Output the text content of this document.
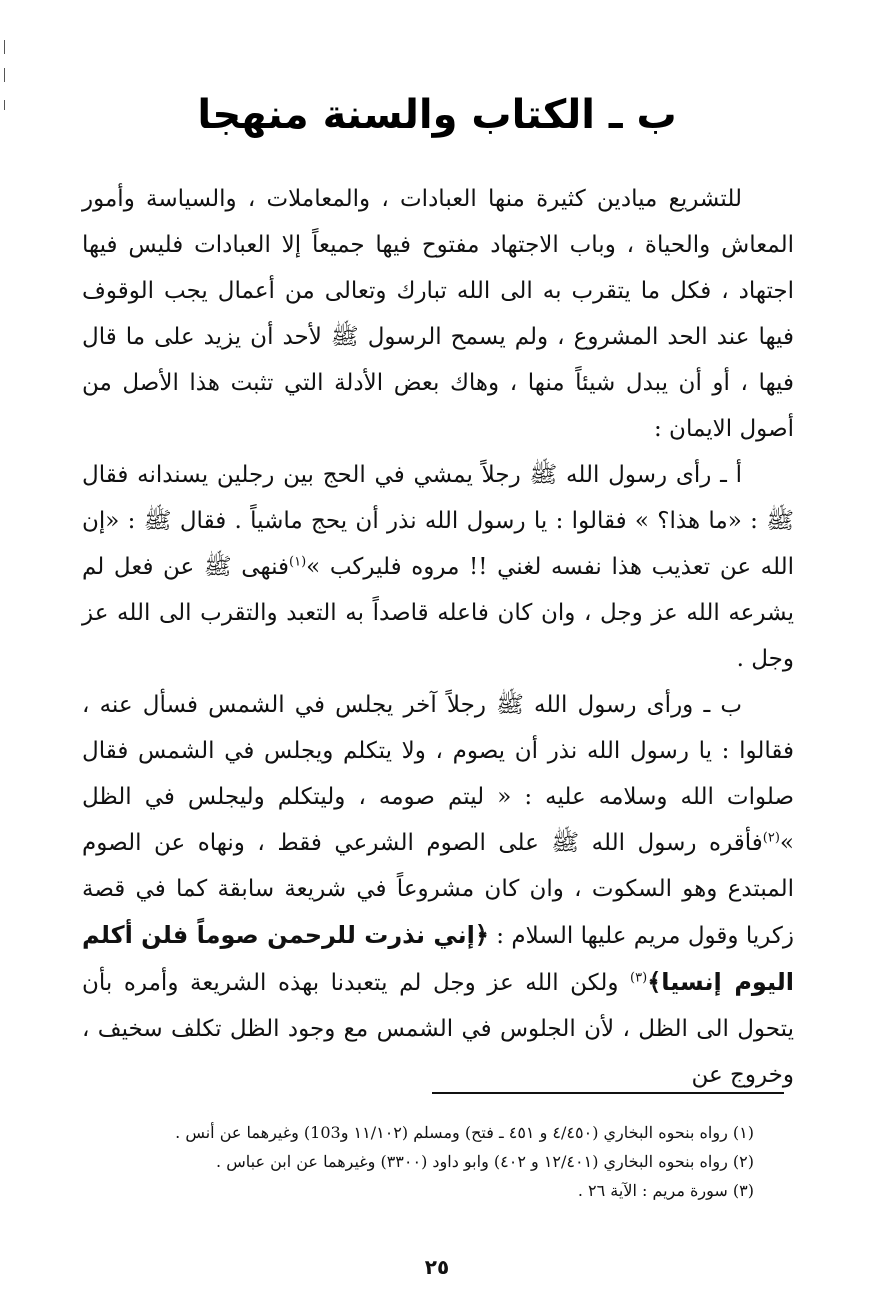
ب ـ الكتاب والسنة منهجا

للتشريع ميادين كثيرة منها العبادات ، والمعاملات ، والسياسة وأمور المعاش والحياة ، وباب الاجتهاد مفتوح فيها جميعاً إلا العبادات فليس فيها اجتهاد ، فكل ما يتقرب به الى الله تبارك وتعالى من أعمال يجب الوقوف فيها عند الحد المشروع ، ولم يسمح الرسول ﷺ لأحد أن يزيد على ما قال فيها ، أو أن يبدل شيئاً منها ، وهاك بعض الأدلة التي تثبت هذا الأصل من أصول الايمان :

أ ـ رأى رسول الله ﷺ رجلاً يمشي في الحج بين رجلين يسندانه فقال ﷺ : «ما هذا؟ » فقالوا : يا رسول الله نذر أن يحج ماشياً . فقال ﷺ : «إن الله عن تعذيب هذا نفسه لغني !! مروه فليركب »$^{(١)}$فنهى ﷺ عن فعل لم يشرعه الله عز وجل ، وان كان فاعله قاصداً به التعبد والتقرب الى الله عز وجل .

ب ـ ورأى رسول الله ﷺ رجلاً آخر يجلس في الشمس فسأل عنه ، فقالوا : يا رسول الله نذر أن يصوم ، ولا يتكلم ويجلس في الشمس فقال صلوات الله وسلامه عليه : « ليتم صومه ، وليتكلم وليجلس في الظل »$^{(٢)}$فأقره رسول الله ﷺ على الصوم الشرعي فقط ، ونهاه عن الصوم المبتدع وهو السكوت ، وان كان مشروعاً في شريعة سابقة كما في قصة زكريا وقول مريم عليها السلام : ﴿إني نذرت للرحمن صوماً فلن أكلم اليوم إنسيا﴾$^{(٣)}$ ولكن الله عز وجل لم يتعبدنا بهذه الشريعة وأمره بأن يتحول الى الظل ، لأن الجلوس في الشمس مع وجود الظل تكلف سخيف ، وخروج عن

(١) رواه بنحوه البخاري (٤/٤٥٠ و ٤٥١ ـ فتح) ومسلم (١١/١٠٢ و103) وغيرهما عن أنس .

(٢) رواه بنحوه البخاري (١٢/٤٠١ و ٤٠٢) وابو داود (٣٣٠٠) وغيرهما عن ابن عباس .

(٣) سورة مريم : الآية ٢٦ .

٢٥
